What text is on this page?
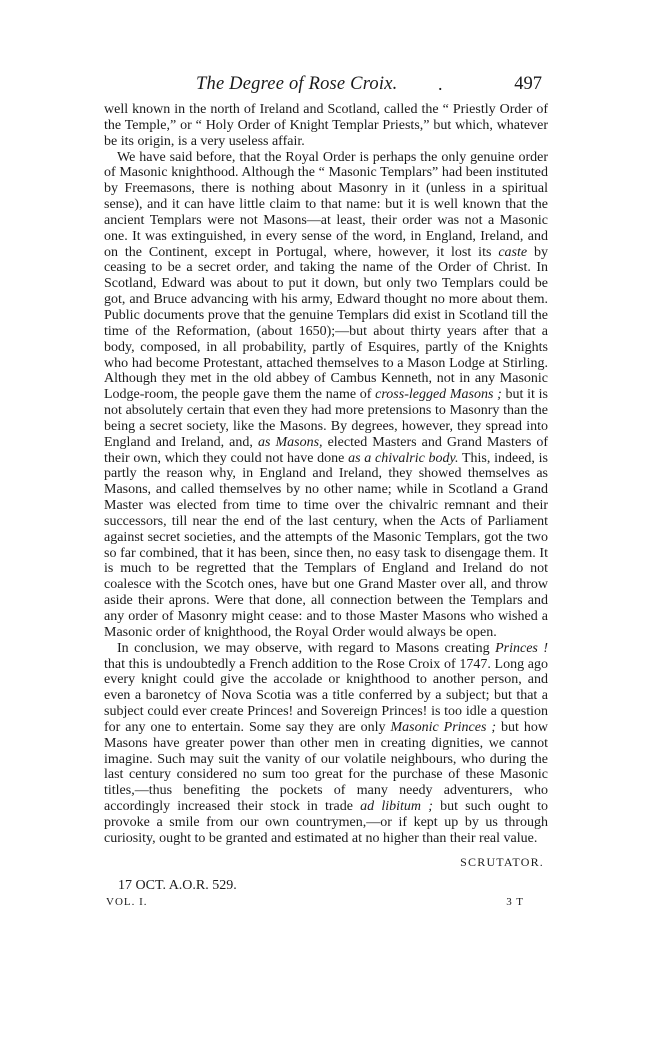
The Degree of Rose Croix. .	497

well known in the north of Ireland and Scotland, called the “ Priestly Order of the Temple,” or “ Holy Order of Knight Templar Priests,” but which, whatever be its origin, is a very useless affair.

We have said before, that the Royal Order is perhaps the only genuine order of Masonic knighthood. Although the “ Masonic Templars” had been instituted by Freemasons, there is nothing about Masonry in it (unless in a spiritual sense), and it can have little claim to that name: but it is well known that the ancient Templars were not Masons—at least, their order was not a Masonic one. It was extinguished, in every sense of the word, in England, Ireland, and on the Continent, except in Portugal, where, however, it lost its caste by ceasing to be a secret order, and taking the name of the Order of Christ. In Scotland, Edward was about to put it down, but only two Templars could be got, and Bruce advancing with his army, Edward thought no more about them. Public documents prove that the genuine Templars did exist in Scotland till the time of the Reformation, (about 1650);—but about thirty years after that a body, composed, in all probability, partly of Esquires, partly of the Knights who had become Protestant, attached themselves to a Mason Lodge at Stirling. Although they met in the old abbey of Cambus Kenneth, not in any Masonic Lodge-room, the people gave them the name of cross-legged Masons ; but it is not absolutely certain that even they had more pretensions to Masonry than the being a secret society, like the Masons. By degrees, however, they spread into England and Ireland, and, as Masons, elected Masters and Grand Masters of their own, which they could not have done as a chivalric body. This, indeed, is partly the reason why, in England and Ireland, they showed themselves as Masons, and called themselves by no other name; while in Scotland a Grand Master was elected from time to time over the chivalric remnant and their successors, till near the end of the last century, when the Acts of Parliament against secret societies, and the attempts of the Masonic Templars, got the two so far combined, that it has been, since then, no easy task to disengage them. It is much to be regretted that the Templars of England and Ireland do not coalesce with the Scotch ones, have but one Grand Master over all, and throw aside their aprons. Were that done, all connection between the Templars and any order of Masonry might cease: and to those Master Masons who wished a Masonic order of knighthood, the Royal Order would always be open.

In conclusion, we may observe, with regard to Masons creating Princes ! that this is undoubtedly a French addition to the Rose Croix of 1747. Long ago every knight could give the accolade or knighthood to another person, and even a baronetcy of Nova Scotia was a title conferred by a subject; but that a subject could ever create Princes! and Sovereign Princes! is too idle a question for any one to entertain. Some say they are only Masonic Princes ; but how Masons have greater power than other men in creating dignities, we cannot imagine. Such may suit the vanity of our volatile neighbours, who during the last century considered no sum too great for the purchase of these Masonic titles,—thus benefiting the pockets of many needy adventurers, who accordingly increased their stock in trade ad libitum ; but such ought to provoke a smile from our own countrymen,—or if kept up by us through curiosity, ought to be granted and estimated at no higher than their real value.

SCRUTATOR.
17 OCT. A.O.R. 529.
VOL. I.	3 T
